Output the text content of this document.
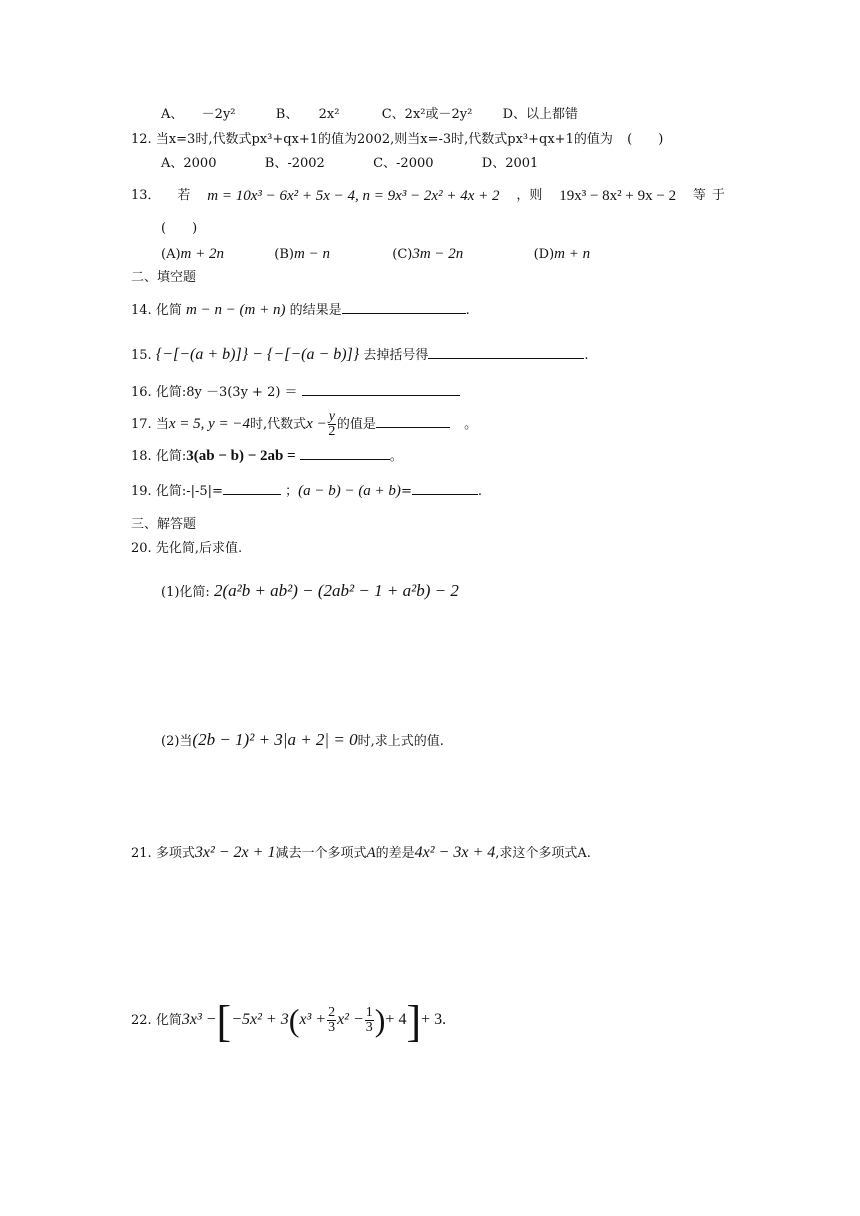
A、 －2y²	B、 2x²	C、2x²或－2y² D、以上都错
12. 当x=3时,代数式px³+qx+1的值为2002,则当x=-3时,代数式px³+qx+1的值为 (　　)
A、2000	B、-2002	C、-2000	D、2001
13． 若 m = 10x³ − 6x² + 5x − 4, n = 9x³ − 2x² + 4x + 2 ，则 19x³ − 8x² + 9x − 2 等于
(　　)
(A)m + 2n	(B)m − n	(C)3m − 2n	(D)m + n
二、填空题
14. 化简 m − n − (m + n) 的结果是	.
15. {−[−(a + b)]} − {−[−(a − b)]} 去掉括号得	.
16. 化简:8y －3(3y + 2) ＝
17. 当x = 5, y = −4时,代数式$x - \frac{y}{2}$ 的值是	。
18. 化简:3(ab − b) − 2ab =	。
19. 化简:-|-5|=	；(a − b) − (a + b)=	.
三、解答题
20. 先化简,后求值.
(1)化简: 2(a²b + ab²) − (2ab² − 1 + a²b) − 2
(2)当(2b − 1)² + 3|a + 2| = 0时,求上式的值.
21. 多项式3x² − 2x + 1减去一个多项式A的差是4x² − 3x + 4,求这个多项式A.
22. 化简$3x^3 -[-5x^2 + 3(x^3 + \frac{2}{3} x^2 - \frac{1}{3}$ )+ 4]+ 3.
